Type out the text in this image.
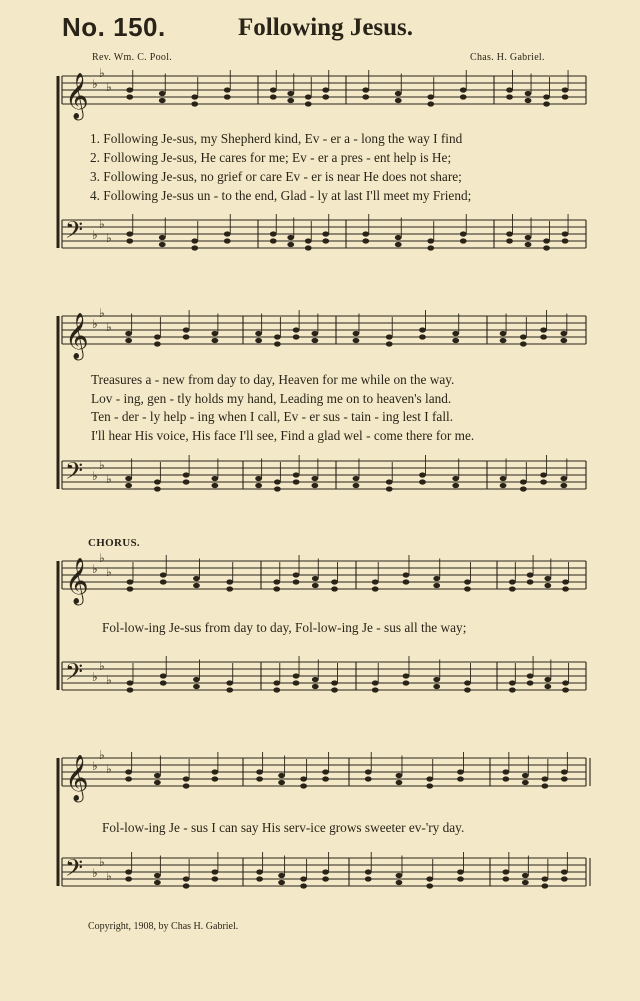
No. 150.	Following Jesus.
Rev. Wm. C. Pool.	Chas. H. Gabriel.
𝄞 ♭
♭
♭
𝄢 ♭
♭
♭
𝄞 ♭
♭
♭
𝄢 ♭
♭
♭
𝄞 ♭
♭
♭
𝄢 ♭
♭
♭
𝄞 ♭
♭
♭
𝄢 ♭
♭
♭
1. Following Je-sus, my Shepherd kind, Ev - er a - long the way I find
2. Following Je-sus, He cares for me; Ev - er a pres - ent help is He;
3. Following Je-sus, no grief or care Ev - er is near He does not share;
4. Following Je-sus un - to the end, Glad - ly at last I'll meet my Friend;
Treasures a - new from day to day, Heaven for me while on the way.
Lov - ing, gen - tly holds my hand, Leading me on to heaven's land.
Ten - der - ly help - ing when I call, Ev - er sus - tain - ing lest I fall.
I'll hear His voice, His face I'll see, Find a glad wel - come there for me.
CHORUS.
Fol-low-ing Je-sus from day to day, Fol-low-ing Je - sus all the way;
Fol-low-ing Je - sus I can say His serv-ice grows sweeter ev-'ry day.
Copyright, 1908, by Chas H. Gabriel.
